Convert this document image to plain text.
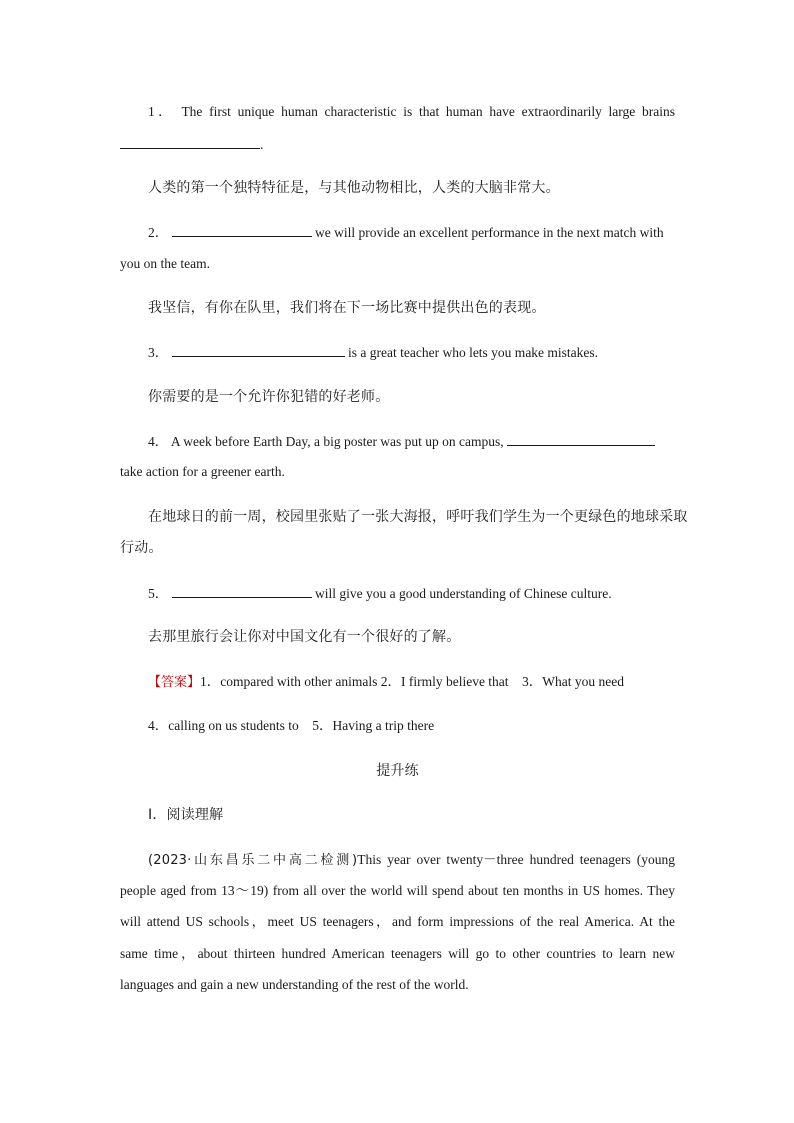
1． The first unique human characteristic is that human have extraordinarily large brains
.
人类的第一个独特特征是，与其他动物相比，人类的大脑非常大。
2．	we will provide an excellent performance in the next match with
you on the team.
我坚信，有你在队里，我们将在下一场比赛中提供出色的表现。
3．	is a great teacher who lets you make mistakes.
你需要的是一个允许你犯错的好老师。
4． A week before Earth Day, a big poster was put up on campus,
take action for a greener earth.
在地球日的前一周，校园里张贴了一张大海报，呼吁我们学生为一个更绿色的地球采取
行动。
5．	will give you a good understanding of Chinese culture.
去那里旅行会让你对中国文化有一个很好的了解。
【答案】1．compared with other animals 2．I firmly believe that　3．What you need
4．calling on us students to　5．Having a trip there
提升练
Ⅰ．阅读理解
(2023·山东昌乐二中高二检测)This year over twenty－three hundred teenagers (young
people aged from 13～19) from all over the world will spend about ten months in US homes. They
will attend US schools，meet US teenagers，and form impressions of the real America. At the
same time，about thirteen hundred American teenagers will go to other countries to learn new
languages and gain a new understanding of the rest of the world.
